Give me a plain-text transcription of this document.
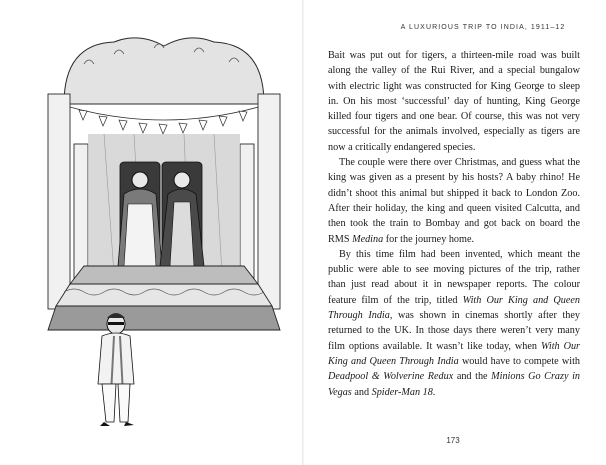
A LUXURIOUS TRIP TO INDIA, 1911–12

Bait was put out for tigers, a thirteen-mile road was built along the valley of the Rui River, and a special bungalow with electric light was constructed for King George to sleep in. On his most ‘successful’ day of hunting, King George killed four tigers and one bear. Of course, this was not very successful for the animals involved, especially as tigers are now a critically endangered species.

The couple were there over Christmas, and guess what the king was given as a present by his hosts? A baby rhino! He didn’t shoot this animal but shipped it back to London Zoo. After their holiday, the king and queen visited Calcutta, and then took the train to Bombay and got back on board the RMS Medina for the journey home.

By this time film had been invented, which meant the public were able to see moving pictures of the trip, rather than just read about it in newspaper reports. The colour feature film of the trip, titled With Our King and Queen Through India, was shown in cinemas shortly after they returned to the UK. In those days there weren’t very many film options available. It wasn’t like today, when With Our King and Queen Through India would have to compete with Deadpool & Wolverine Redux and the Minions Go Crazy in Vegas and Spider-Man 18.

173
